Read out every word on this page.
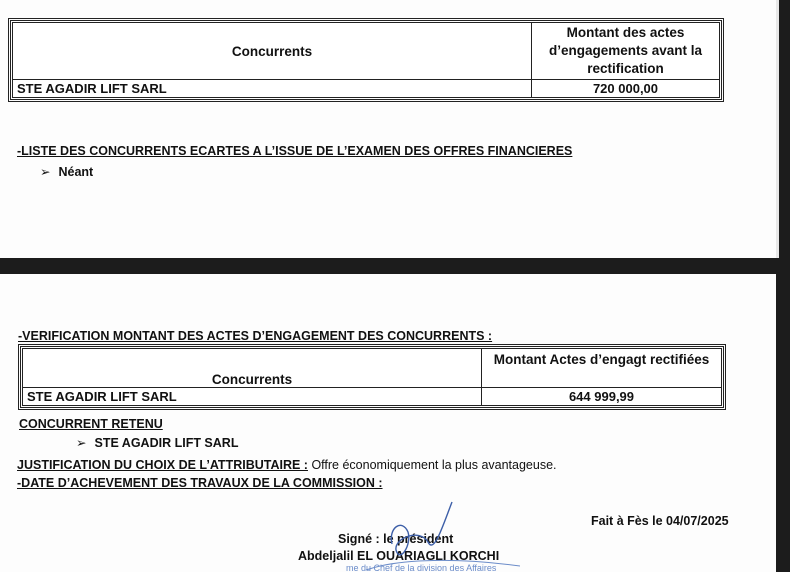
Concurrents	Montant des actes
d’engagements avant la
rectification
STE AGADIR LIFT SARL	720 000,00
-LISTE DES CONCURRENTS ECARTES A L’ISSUE DE L’EXAMEN DES OFFRES FINANCIERES
➢ Néant
-VERIFICATION MONTANT DES ACTES D’ENGAGEMENT DES CONCURRENTS :
Concurrents	Montant Actes d’engagt rectifiées
STE AGADIR LIFT SARL	644 999,99
CONCURRENT RETENU
➢ STE AGADIR LIFT SARL
JUSTIFICATION DU CHOIX DE L’ATTRIBUTAIRE : Offre économiquement la plus avantageuse.
-DATE D’ACHEVEMENT DES TRAVAUX DE LA COMMISSION :
Fait à Fès le 04/07/2025
Signé : le président
Abdeljalil EL OUARIAGLI KORCHI
me du Chef de la division des Affaires
